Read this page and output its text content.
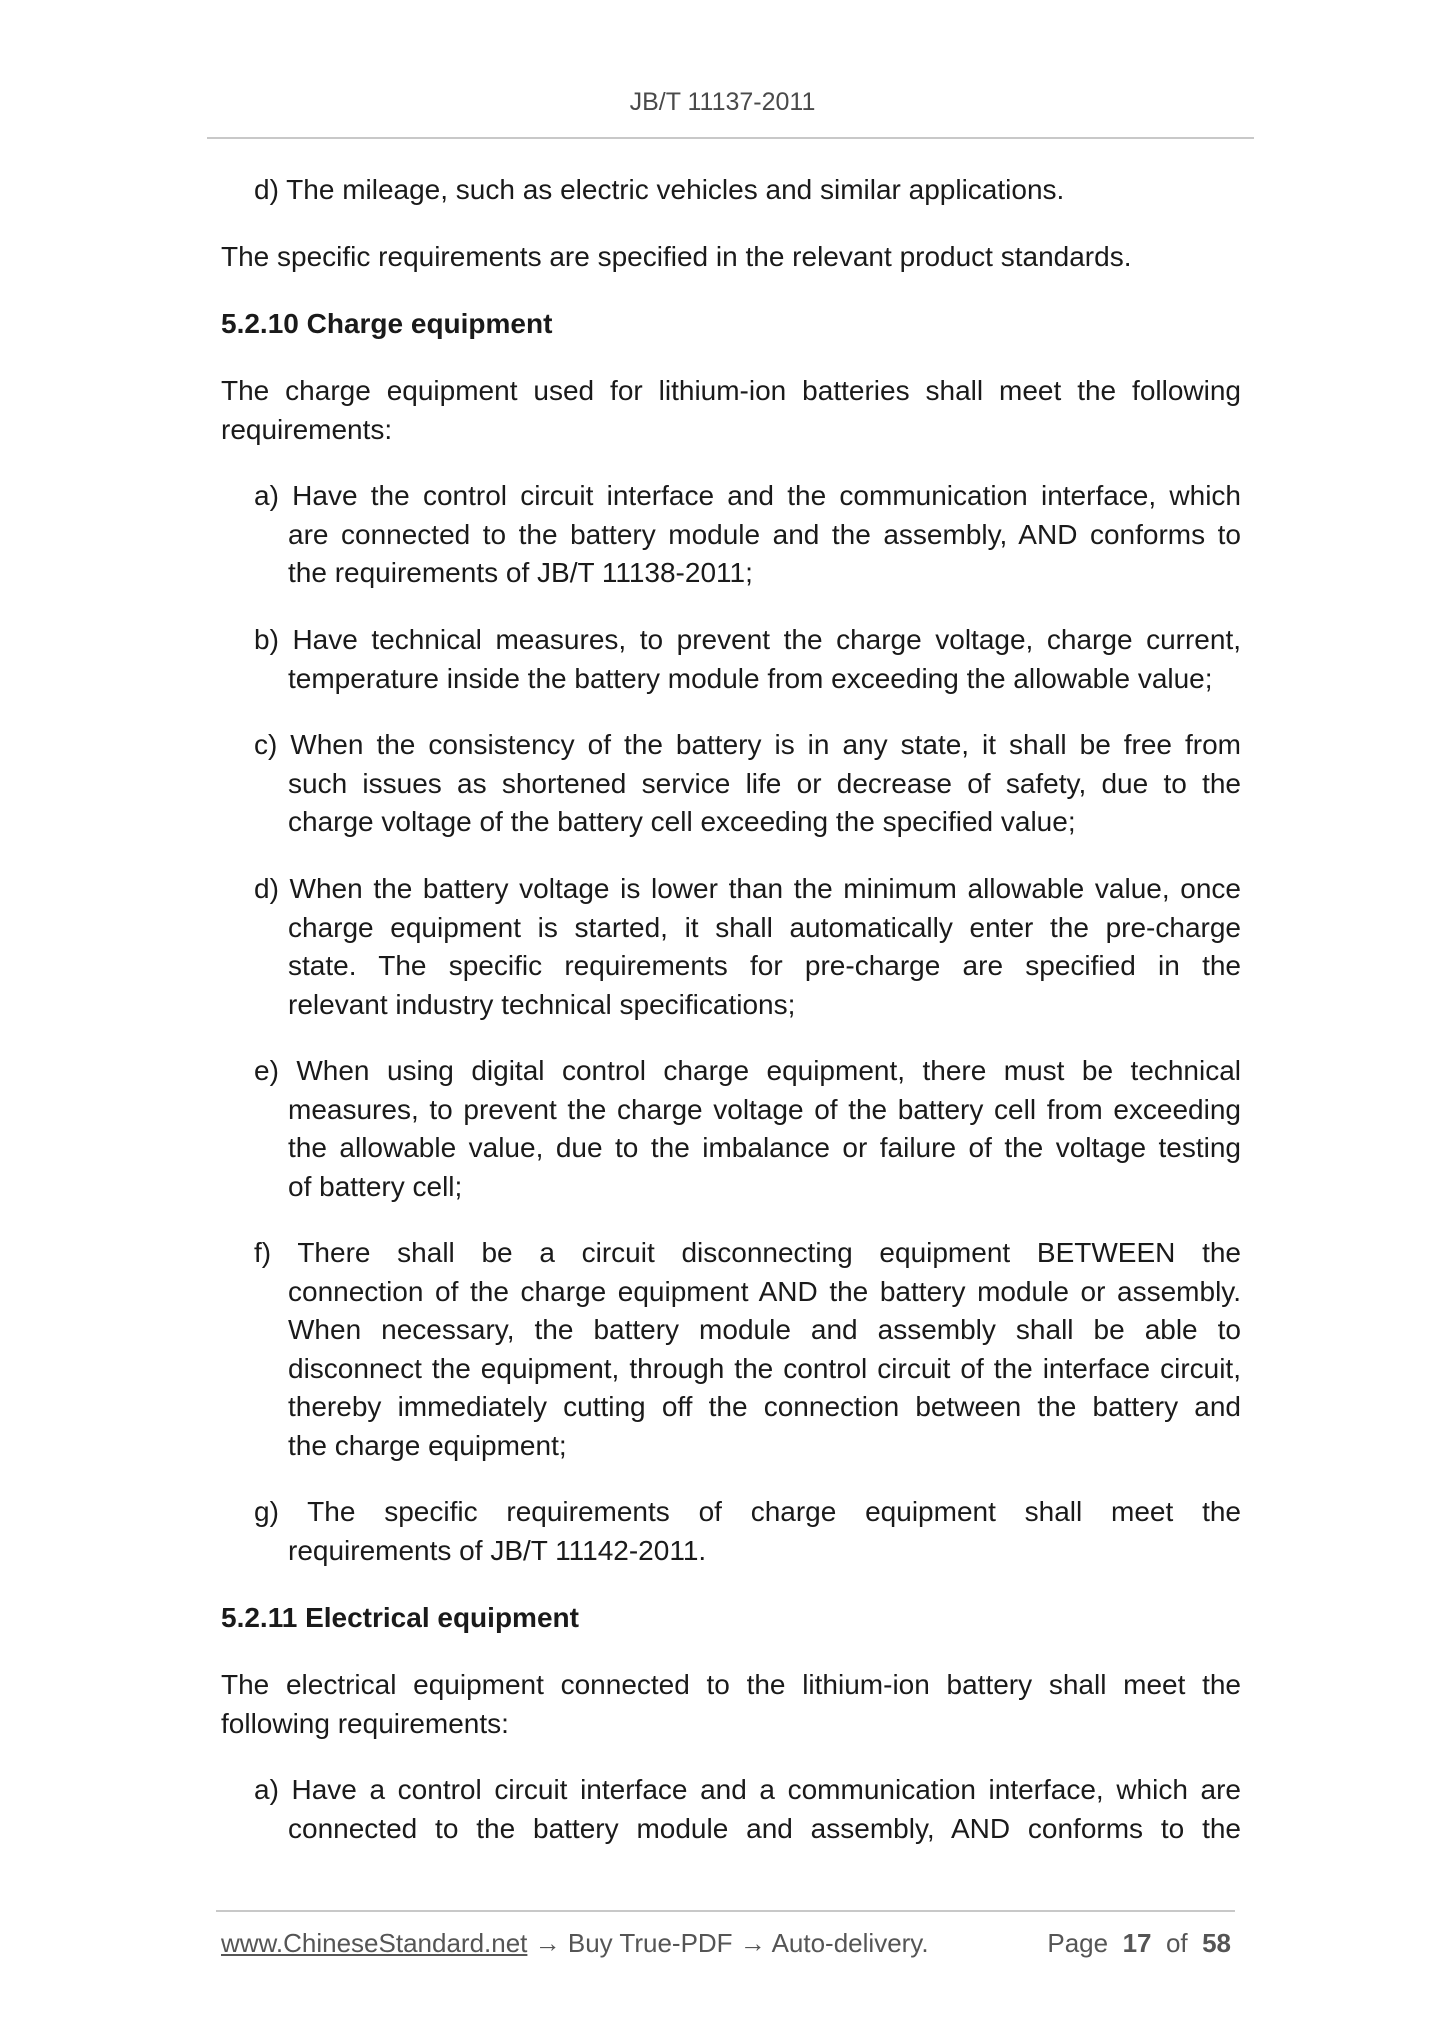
JB/T 11137-2011
d) The mileage, such as electric vehicles and similar applications.

The specific requirements are specified in the relevant product standards.

5.2.10 Charge equipment

The charge equipment used for lithium-ion batteries shall meet the following requirements:

a) Have the control circuit interface and the communication interface, which
are connected to the battery module and the assembly, AND conforms to
the requirements of JB/T 11138-2011;
b) Have technical measures, to prevent the charge voltage, charge current,
temperature inside the battery module from exceeding the allowable value;
c) When the consistency of the battery is in any state, it shall be free from
such issues as shortened service life or decrease of safety, due to the
charge voltage of the battery cell exceeding the specified value;
d) When the battery voltage is lower than the minimum allowable value, once
charge equipment is started, it shall automatically enter the pre-charge
state. The specific requirements for pre-charge are specified in the
relevant industry technical specifications;
e) When using digital control charge equipment, there must be technical
measures, to prevent the charge voltage of the battery cell from exceeding
the allowable value, due to the imbalance or failure of the voltage testing
of battery cell;
f) There shall be a circuit disconnecting equipment BETWEEN the
connection of the charge equipment AND the battery module or assembly.
When necessary, the battery module and assembly shall be able to
disconnect the equipment, through the control circuit of the interface circuit,
thereby immediately cutting off the connection between the battery and
the charge equipment;
g) The specific requirements of charge equipment shall meet the
requirements of JB/T 11142-2011.

5.2.11 Electrical equipment

The electrical equipment connected to the lithium-ion battery shall meet the following requirements:

a) Have a control circuit interface and a communication interface, which are
connected to the battery module and assembly, AND conforms to the
www.ChineseStandard.net → Buy True-PDF → Auto-delivery.	Page 17 of 58
